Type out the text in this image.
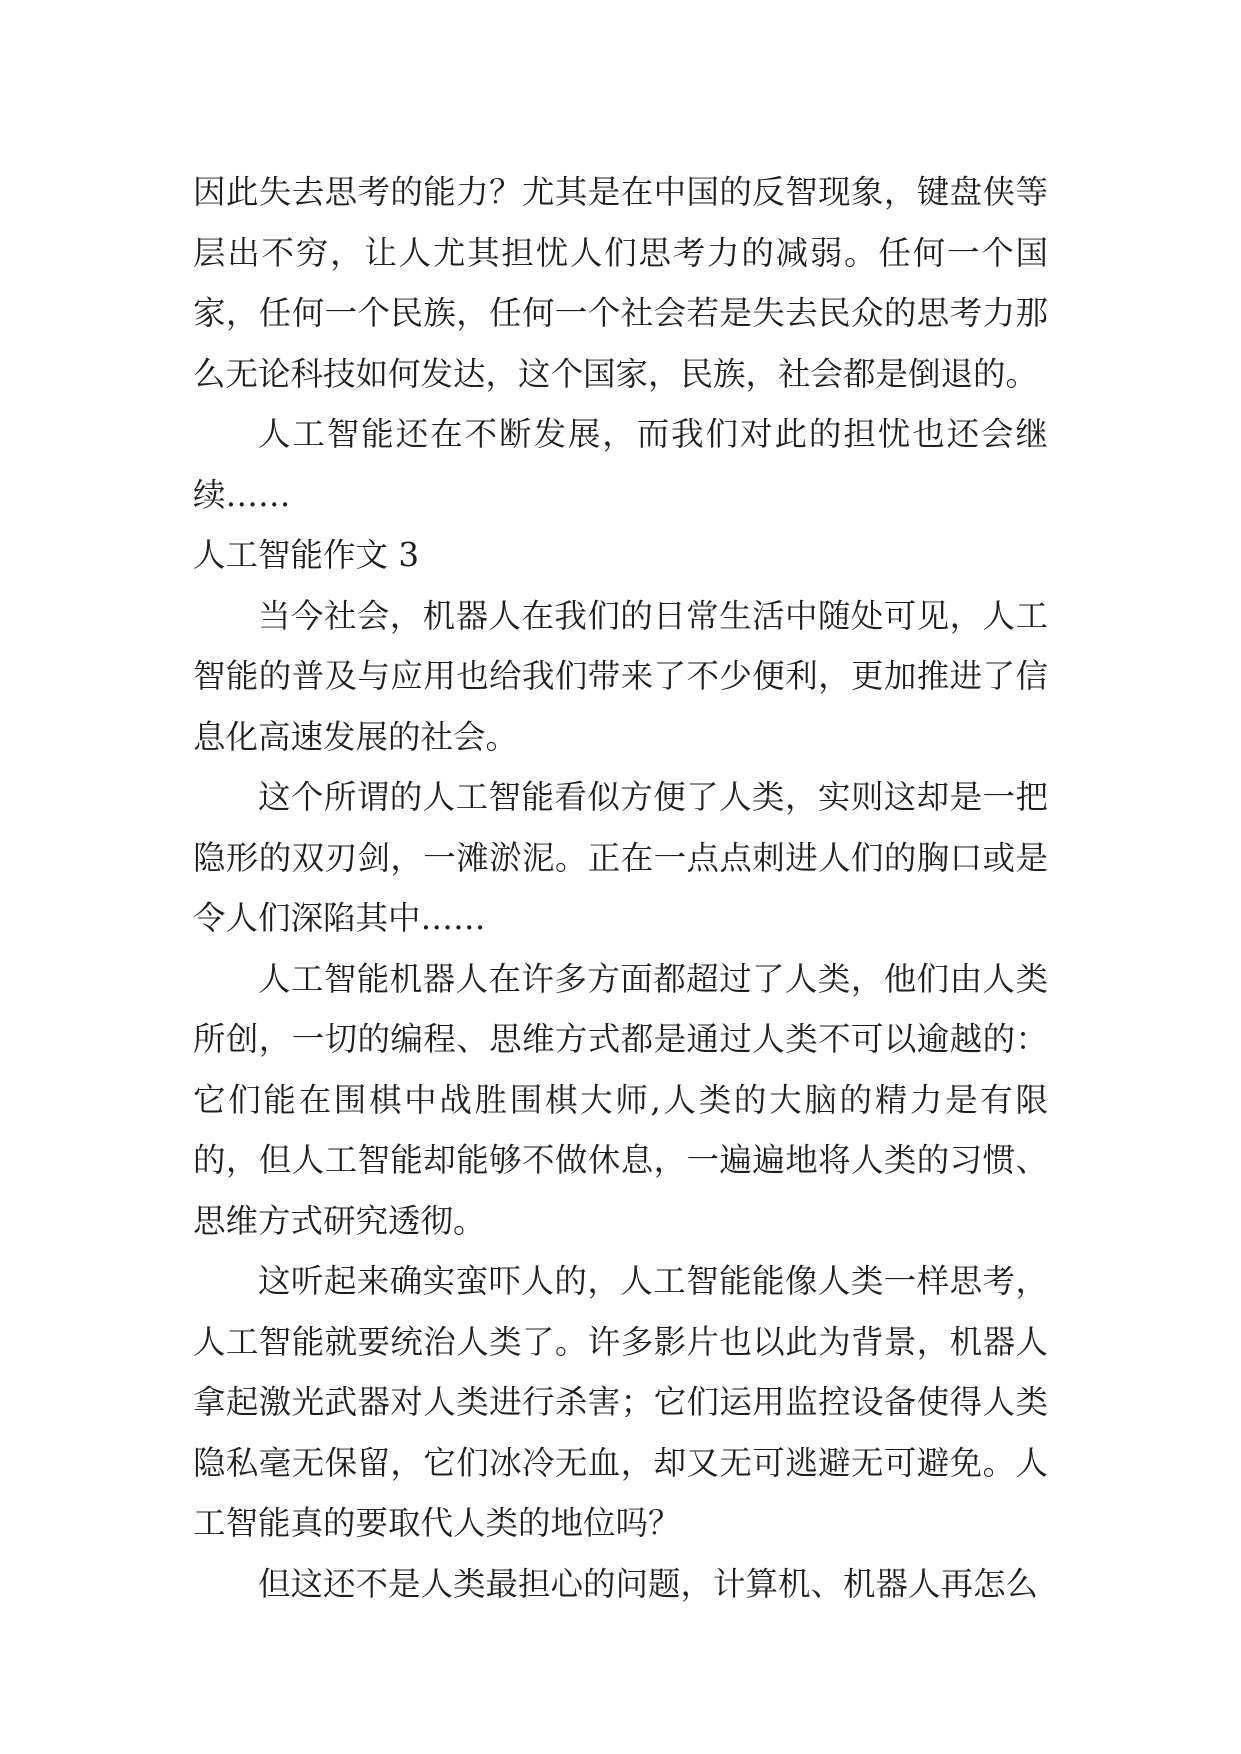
因此失去思考的能力？尤其是在中国的反智现象，键盘侠等层出不穷，让人尤其担忧人们思考力的减弱。任何一个国家，任何一个民族，任何一个社会若是失去民众的思考力那么无论科技如何发达，这个国家，民族，社会都是倒退的。

人工智能还在不断发展，而我们对此的担忧也还会继续……

人工智能作文 3

当今社会，机器人在我们的日常生活中随处可见，人工智能的普及与应用也给我们带来了不少便利，更加推进了信息化高速发展的社会。

这个所谓的人工智能看似方便了人类，实则这却是一把隐形的双刃剑，一滩淤泥。正在一点点刺进人们的胸口或是令人们深陷其中……

人工智能机器人在许多方面都超过了人类，他们由人类所创，一切的编程、思维方式都是通过人类不可以逾越的：它们能在围棋中战胜围棋大师,人类的大脑的精力是有限的，但人工智能却能够不做休息，一遍遍地将人类的习惯、思维方式研究透彻。

这听起来确实蛮吓人的，人工智能能像人类一样思考，人工智能就要统治人类了。许多影片也以此为背景，机器人拿起激光武器对人类进行杀害；它们运用监控设备使得人类隐私毫无保留，它们冰冷无血，却又无可逃避无可避免。人工智能真的要取代人类的地位吗？

但这还不是人类最担心的问题，计算机、机器人再怎么
